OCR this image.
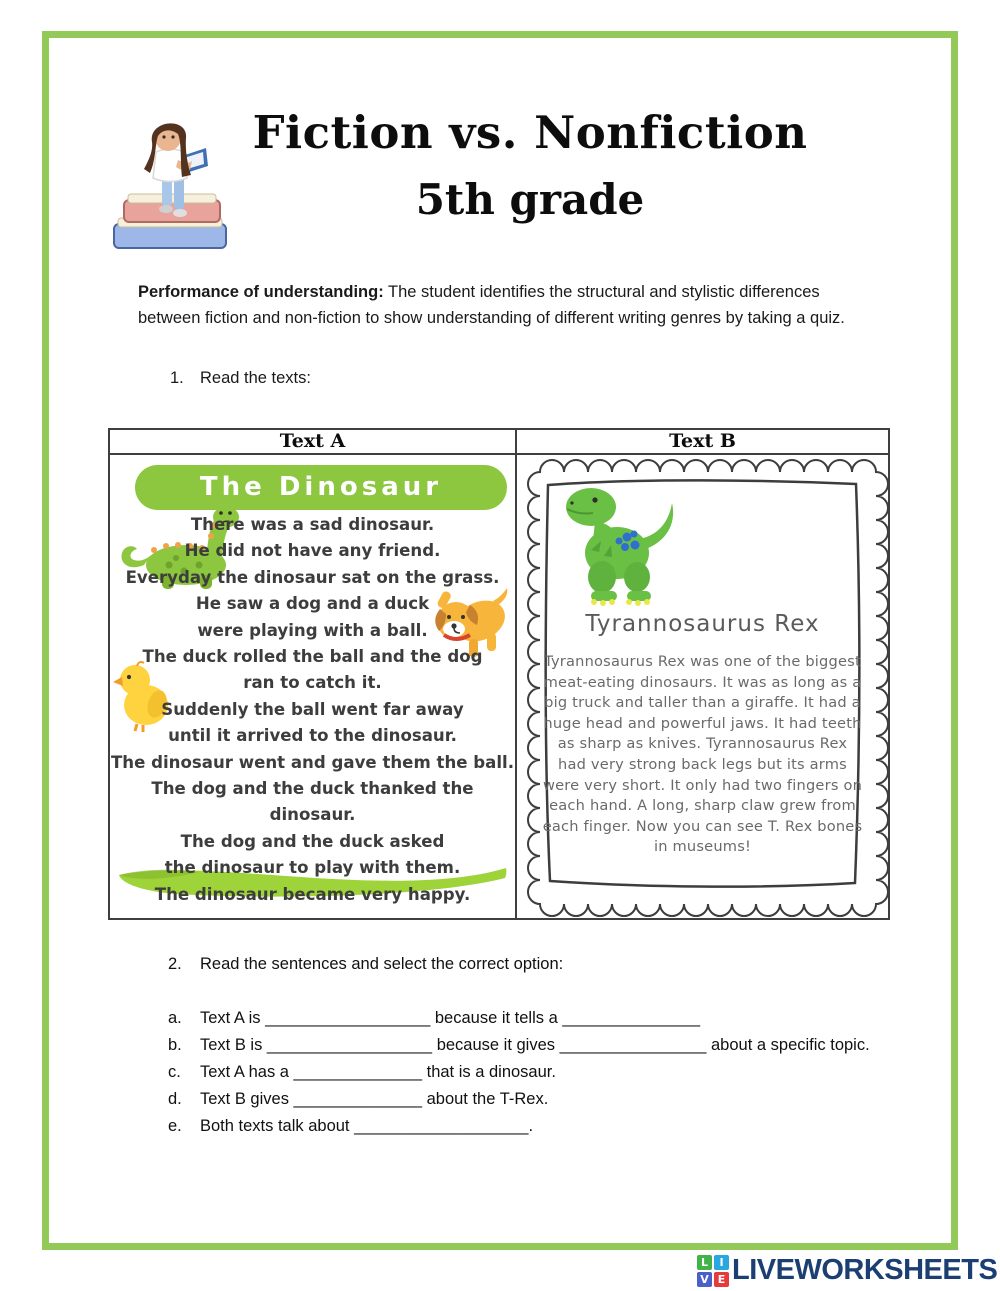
Fiction vs. Nonfiction
5th grade
Performance of understanding: The student identifies the structural and stylistic differences between fiction and non-fiction to show understanding of different writing genres by taking a quiz.
1. Read the texts:
Text A
The Dinosaur
There was a sad dinosaur.
He did not have any friend.
Everyday the dinosaur sat on the grass.
He saw a dog and a duck
were playing with a ball.
The duck rolled the ball and the dog
ran to catch it.
Suddenly the ball went far away
until it arrived to the dinosaur.
The dinosaur went and gave them the ball.
The dog and the duck thanked the dinosaur.
The dog and the duck asked
the dinosaur to play with them.
The dinosaur became very happy.
Text B
Tyrannosaurus Rex
Tyrannosaurus Rex was one of the biggest meat-eating dinosaurs. It was as long as a big truck and taller than a giraffe. It had a huge head and powerful jaws. It had teeth as sharp as knives. Tyrannosaurus Rex had very strong back legs but its arms were very short. It only had two fingers on each hand. A long, sharp claw grew from each finger. Now you can see T. Rex bones in museums!
2.	Read the sentences and select the correct option:
a.	Text A is __________________ because it tells a _______________
b.	Text B is __________________ because it gives ________________ about a specific topic.
c.	Text A has a ______________ that is a dinosaur.
d.	Text B gives ______________ about the T-Rex.
e.	Both texts talk about ___________________.
L	I
V E LIVEWORKSHEETS
